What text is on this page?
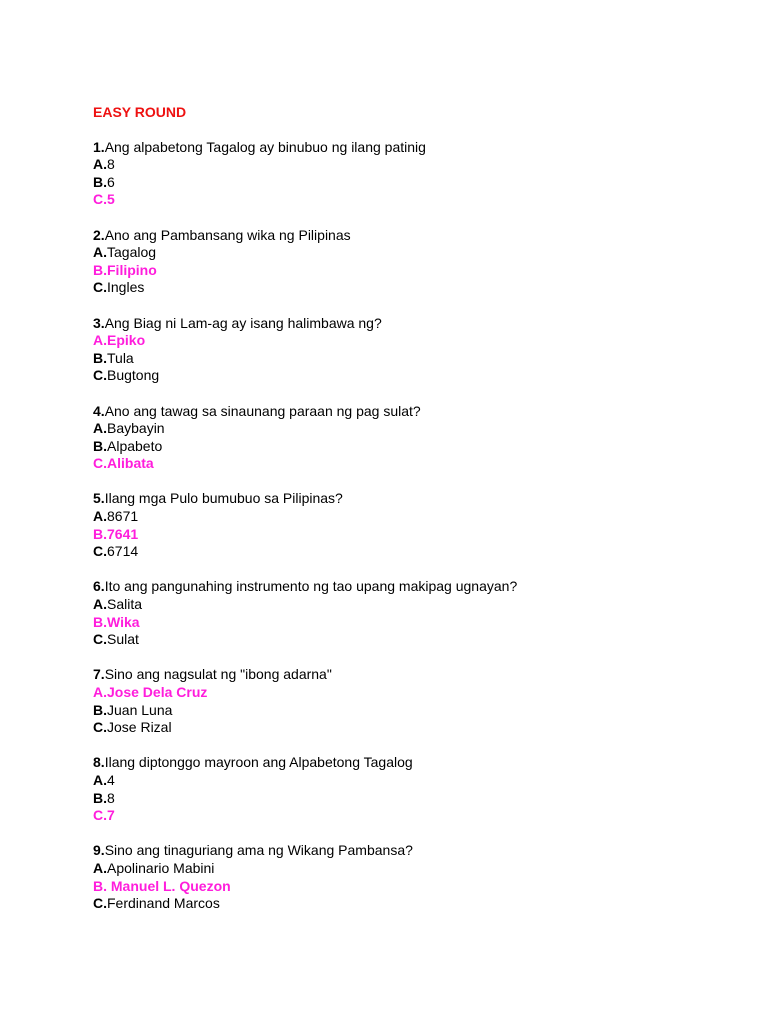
EASY ROUND
1.Ang alpabetong Tagalog ay binubuo ng ilang patinig
A.8
B.6
C.5
2.Ano ang Pambansang wika ng Pilipinas
A.Tagalog
B.Filipino
C.Ingles
3.Ang Biag ni Lam-ag ay isang halimbawa ng?
A.Epiko
B.Tula
C.Bugtong
4.Ano ang tawag sa sinaunang paraan ng pag sulat?
A.Baybayin
B.Alpabeto
C.Alibata
5.Ilang mga Pulo bumubuo sa Pilipinas?
A.8671
B.7641
C.6714
6.Ito ang pangunahing instrumento ng tao upang makipag ugnayan?
A.Salita
B.Wika
C.Sulat
7.Sino ang nagsulat ng "ibong adarna"
A.Jose Dela Cruz
B.Juan Luna
C.Jose Rizal
8.Ilang diptonggo mayroon ang Alpabetong Tagalog
A.4
B.8
C.7
9.Sino ang tinaguriang ama ng Wikang Pambansa?
A.Apolinario Mabini
B. Manuel L. Quezon
C.Ferdinand Marcos
